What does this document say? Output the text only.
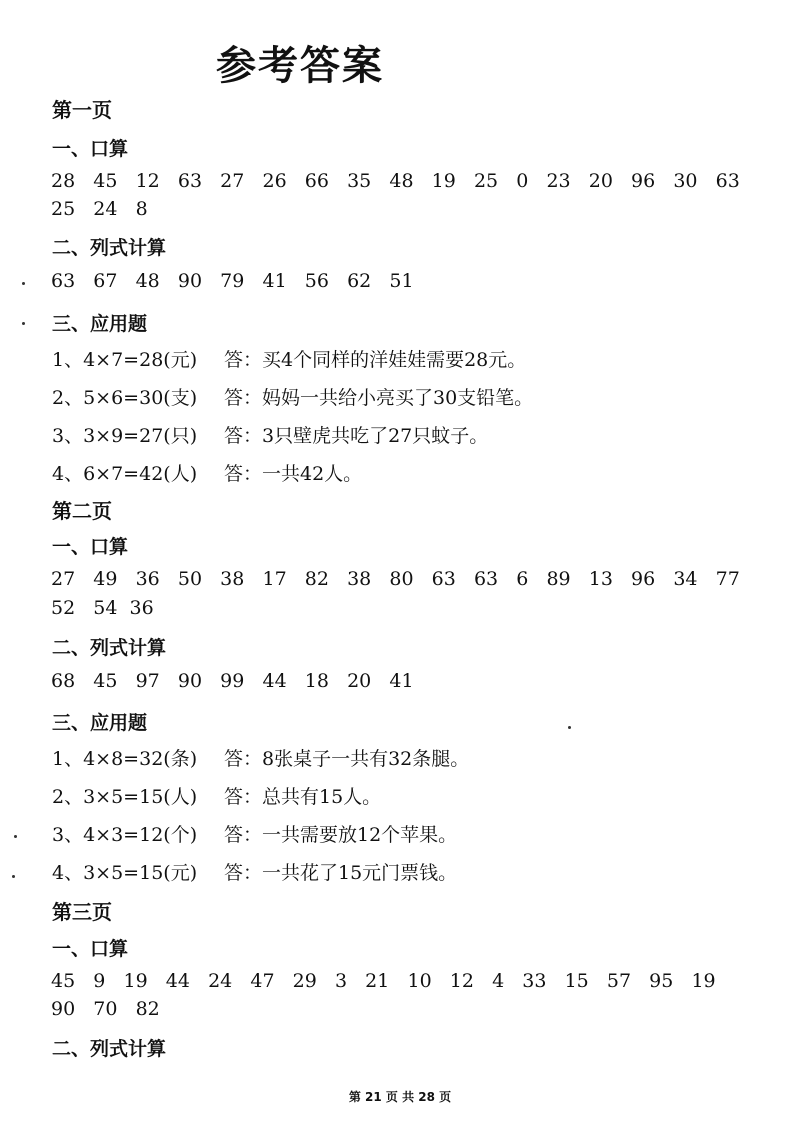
参考答案
第一页
一、口算
28   45   12   63   27   26   66   35   48   19   25   0   23   20   96   30   63
25   24   8
二、列式计算
63   67   48   90   79   41   56   62   51
三、应用题
1、4×7=28(元) 答：买4个同样的洋娃娃需要28元。
2、5×6=30(支) 答：妈妈一共给小亮买了30支铅笔。
3、3×9=27(只) 答：3只壁虎共吃了27只蚊子。
4、6×7=42(人) 答：一共42人。
第二页
一、口算
27   49   36   50   38   17   82   38   80   63   63   6   89   13   96   34   77
52   54  36
二、列式计算
68   45   97   90   99   44   18   20   41
三、应用题
1、4×8=32(条) 答：8张桌子一共有32条腿。
2、3×5=15(人) 答：总共有15人。
3、4×3=12(个) 答：一共需要放12个苹果。
4、3×5=15(元) 答：一共花了15元门票钱。
第三页
一、口算
45   9   19   44   24   47   29   3   21   10   12   4   33   15   57   95   19
90   70   82
二、列式计算
第 21 页 共 28 页
